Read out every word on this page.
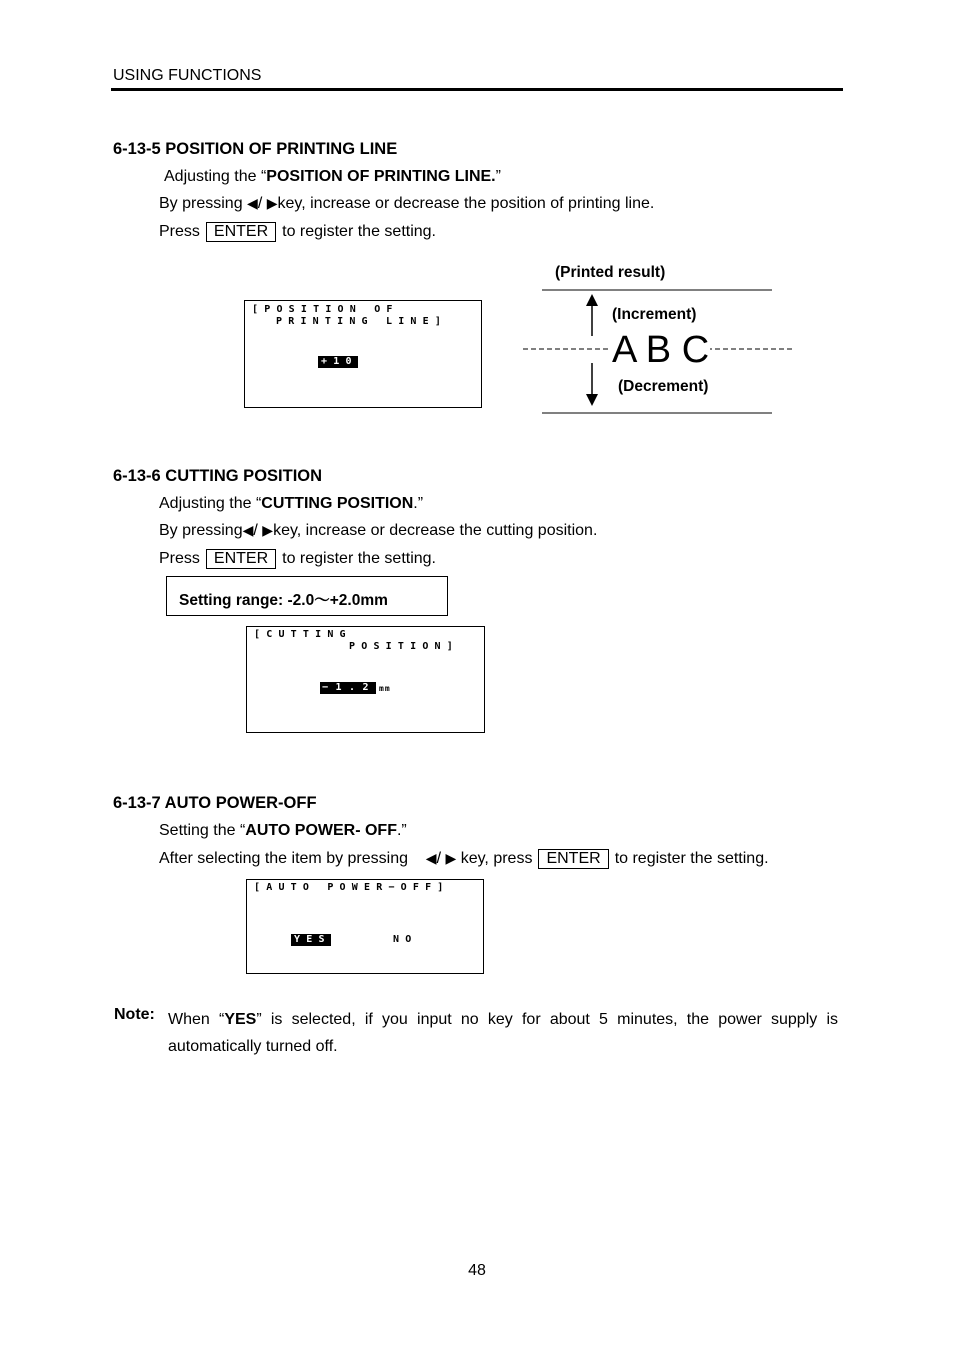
USING FUNCTIONS
6-13-5 POSITION OF PRINTING LINE
Adjusting the “POSITION OF PRINTING LINE.”
By pressing ◀/ ▶key, increase or decrease the position of printing line.
Press ENTER to register the setting.
[POSITION OF
PRINTING LINE]
+10
(Printed result)
(Increment)
A B C
(Decrement)
6-13-6 CUTTING POSITION
Adjusting the “CUTTING POSITION.”
By pressing◀/ ▶key, increase or decrease the cutting position.
Press ENTER to register the setting.
Setting range: -2.0～+2.0mm
[CUTTING
POSITION]
−1.2 mm
6-13-7 AUTO POWER-OFF
Setting the “AUTO POWER- OFF.”
After selecting the item by pressing ◀/ ▶ key, press ENTER to register the setting.
[AUTO POWER−OFF]
YES	NO
Note: When “YES” is selected, if you input no key for about 5 minutes, the power supply is automatically turned off.
48
